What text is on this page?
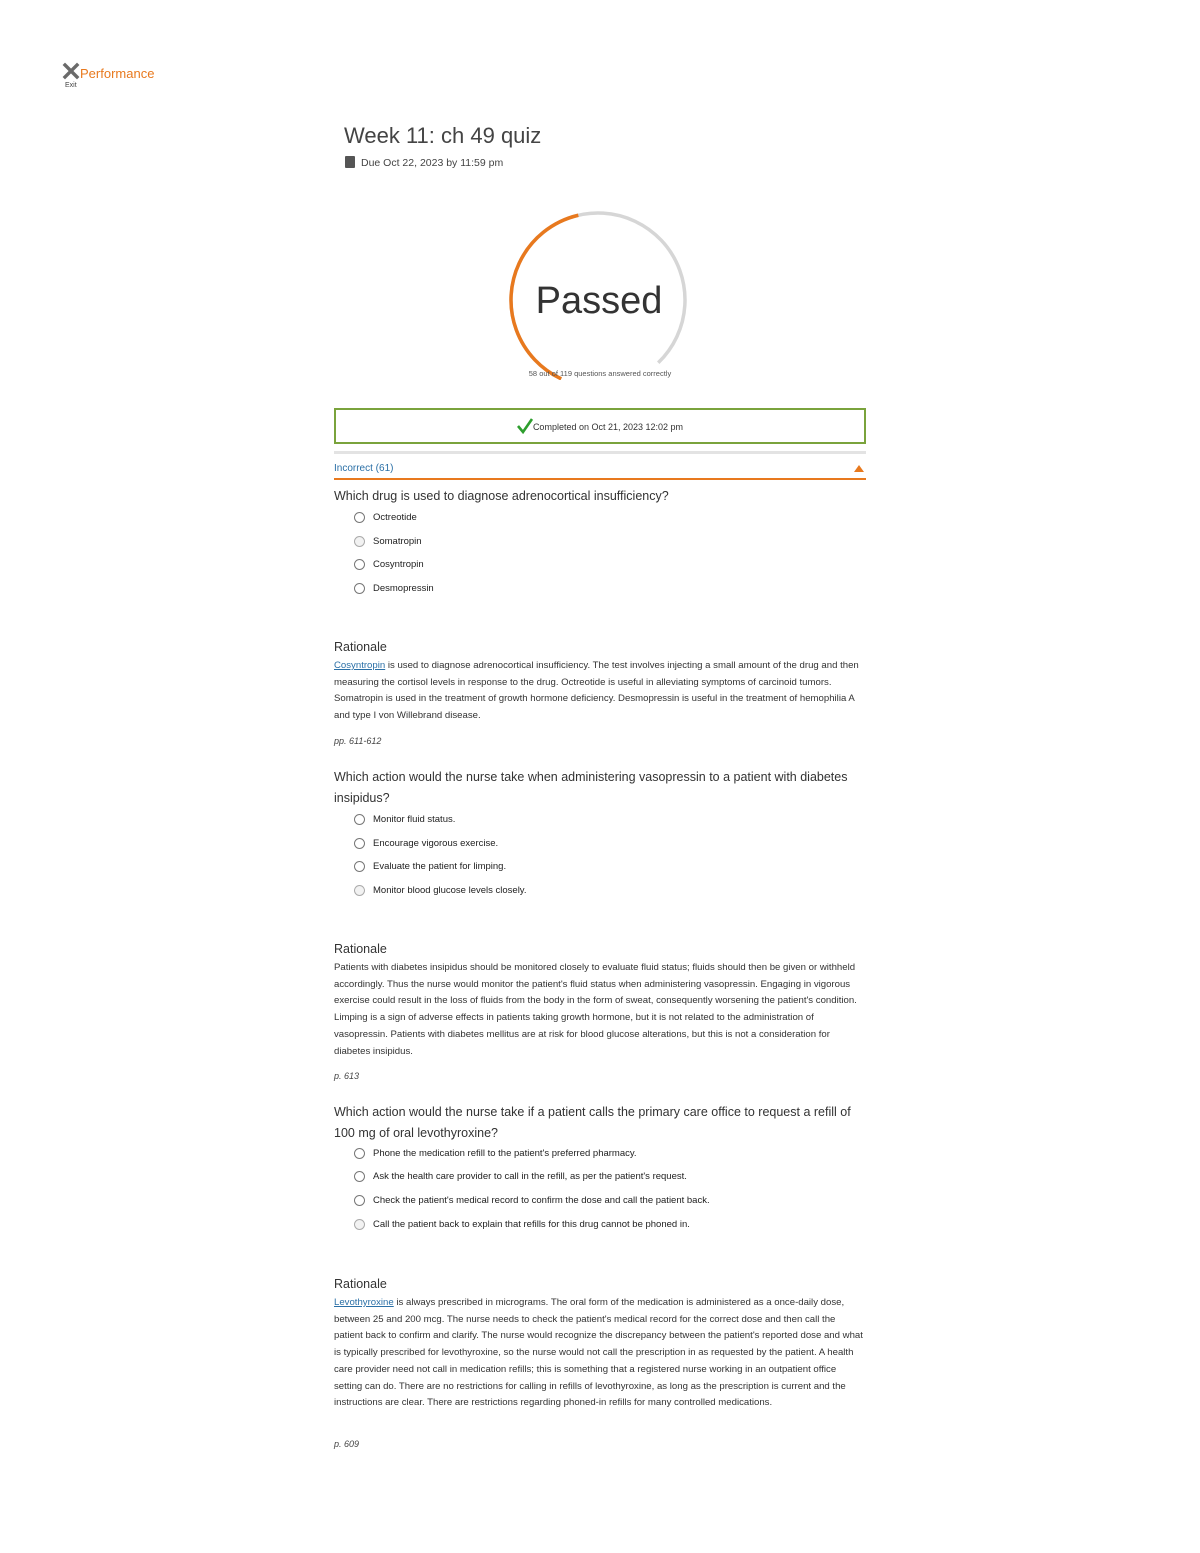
Exit
Performance
Week 11: ch 49 quiz
Due Oct 22, 2023 by 11:59 pm
Passed
58 out of 119 questions answered correctly
Completed on Oct 21, 2023 12:02 pm
Incorrect (61)
Which drug is used to diagnose adrenocortical insufficiency?
Octreotide
Somatropin
Cosyntropin
Desmopressin
Rationale
Cosyntropin is used to diagnose adrenocortical insufficiency. The test involves injecting a small amount of the drug and then measuring the cortisol levels in response to the drug. Octreotide is useful in alleviating symptoms of carcinoid tumors. Somatropin is used in the treatment of growth hormone deficiency. Desmopressin is useful in the treatment of hemophilia A and type I von Willebrand disease.
pp. 611-612
Which action would the nurse take when administering vasopressin to a patient with diabetes insipidus?
Monitor fluid status.
Encourage vigorous exercise.
Evaluate the patient for limping.
Monitor blood glucose levels closely.
Rationale
Patients with diabetes insipidus should be monitored closely to evaluate fluid status; fluids should then be given or withheld accordingly. Thus the nurse would monitor the patient's fluid status when administering vasopressin. Engaging in vigorous exercise could result in the loss of fluids from the body in the form of sweat, consequently worsening the patient's condition. Limping is a sign of adverse effects in patients taking growth hormone, but it is not related to the administration of vasopressin. Patients with diabetes mellitus are at risk for blood glucose alterations, but this is not a consideration for diabetes insipidus.
p. 613
Which action would the nurse take if a patient calls the primary care office to request a refill of 100 mg of oral levothyroxine?
Phone the medication refill to the patient's preferred pharmacy.
Ask the health care provider to call in the refill, as per the patient's request.
Check the patient's medical record to confirm the dose and call the patient back.
Call the patient back to explain that refills for this drug cannot be phoned in.
Rationale
Levothyroxine is always prescribed in micrograms. The oral form of the medication is administered as a once-daily dose, between 25 and 200 mcg. The nurse needs to check the patient's medical record for the correct dose and then call the patient back to confirm and clarify. The nurse would recognize the discrepancy between the patient's reported dose and what is typically prescribed for levothyroxine, so the nurse would not call the prescription in as requested by the patient. A health care provider need not call in medication refills; this is something that a registered nurse working in an outpatient office setting can do. There are no restrictions for calling in refills of levothyroxine, as long as the prescription is current and the instructions are clear. There are restrictions regarding phoned-in refills for many controlled medications.
p. 609
